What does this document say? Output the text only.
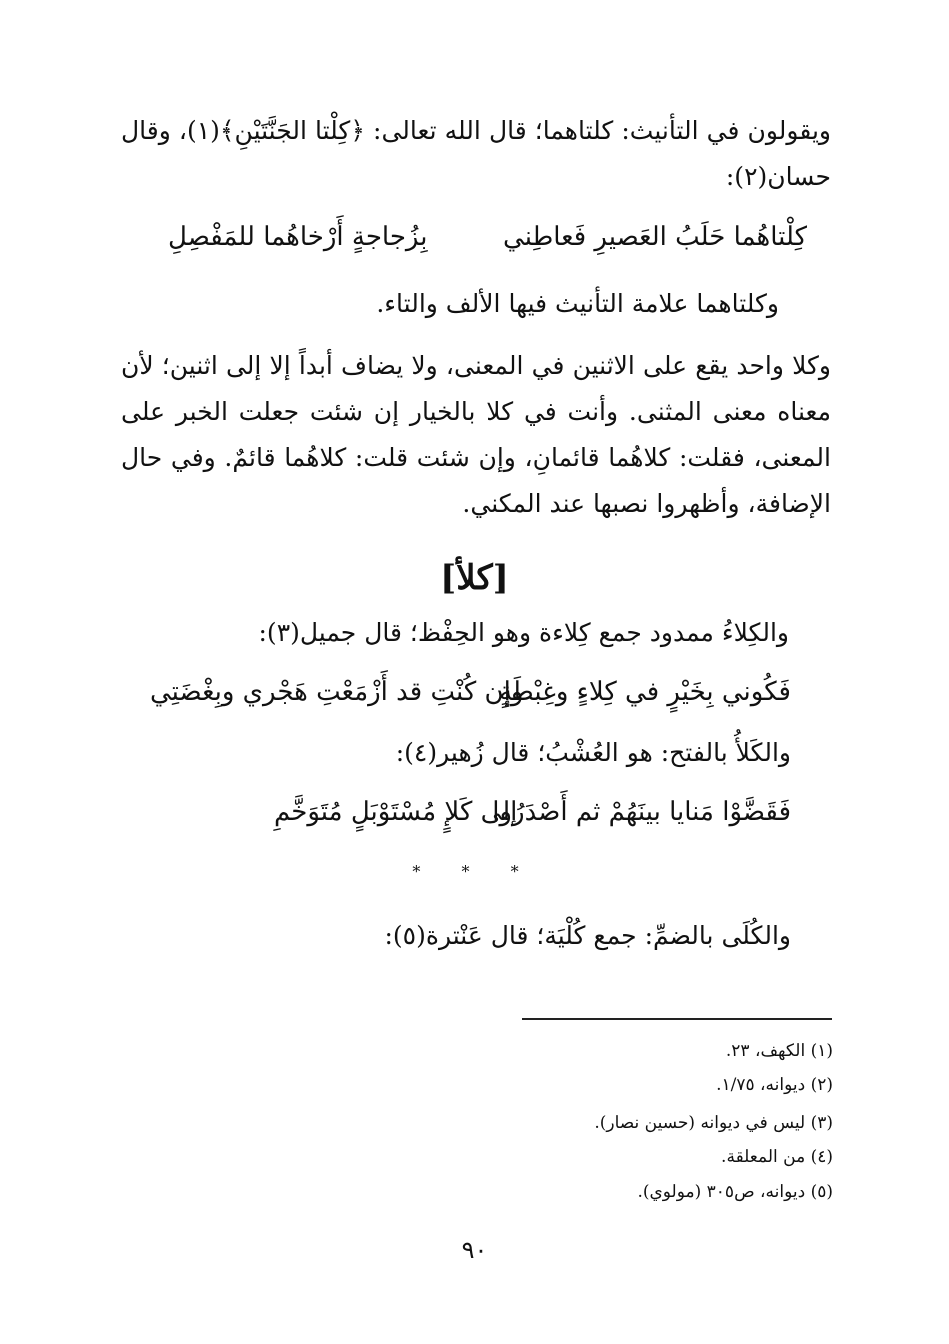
ويقولون في التأنيث: كلتاهما؛ قال الله تعالى: ﴿كِلْتا الجَنَّتَيْنِ﴾(١)، وقال حسان(٢):

كِلْتاهُما حَلَبُ العَصيرِ فَعاطِني
بِزُجاجةٍ أَرْخاهُما للمَفْصِلِ
وكلتاهما علامة التأنيث فيها الألف والتاء.

وكلا واحد يقع على الاثنين في المعنى، ولا يضاف أبداً إلا إلى اثنين؛ لأن معناه معنى المثنى. وأنت في كلا بالخيار إن شئت جعلت الخبر على المعنى، فقلت: كلاهُما قائمانِ، وإن شئت قلت: كلاهُما قائمٌ. وفي حال الإضافة، وأظهروا نصبها عند المكني.

[كلأ]
والكِلاءُ ممدود جمع كِلاءة وهو الحِفْظ؛ قال جميل(٣):
فَكُوني بِخَيْرٍ في كِلاءٍ وغِبْطَةٍ
وإن كُنْتِ قد أَزْمَعْتِ هَجْري وبِغْضَتِي
والكَلأُ بالفتح: هو العُشْبُ؛ قال زُهير(٤):
فَقَضَّوْا مَنايا بينَهُمْ ثم أَصْدَرُوا
إلى كَلإٍ مُسْتَوْبَلٍ مُتَوَخَّمِ
* * *
والكُلَى بالضمِّ: جمع كُلْيَة؛ قال عَنْترة(٥):
(١) الكهف، ٢٣.
(٢) ديوانه، ١/٧٥.
(٣) ليس في ديوانه (حسين نصار).
(٤) من المعلقة.
(٥) ديوانه، ص٣٠٥ (مولوي).
٩٠
